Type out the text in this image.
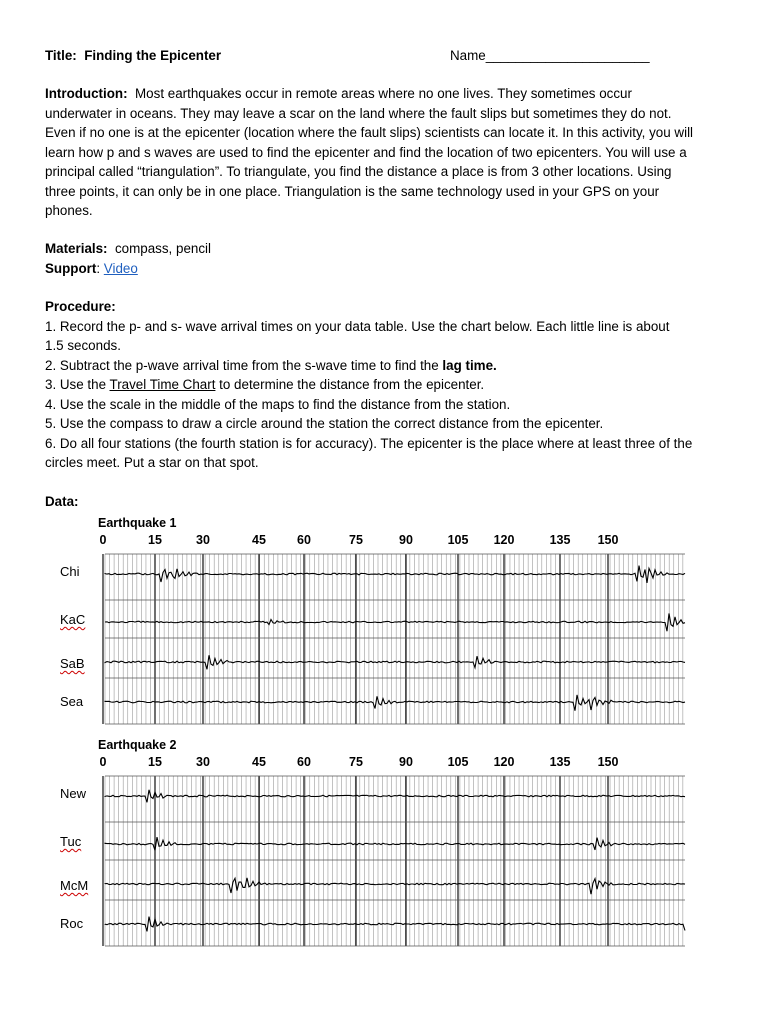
Title: Finding the Epicenter	Name______________________
Introduction: Most earthquakes occur in remote areas where no one lives. They sometimes occur
underwater in oceans. They may leave a scar on the land where the fault slips but sometimes they do not.
Even if no one is at the epicenter (location where the fault slips) scientists can locate it. In this activity, you will
learn how p and s waves are used to find the epicenter and find the location of two epicenters. You will use a
principal called “triangulation”. To triangulate, you find the distance a place is from 3 other locations. Using
three points, it can only be in one place. Triangulation is the same technology used in your GPS on your
phones.
Materials: compass, pencil
Support: Video
Procedure:
1. Record the p- and s- wave arrival times on your data table. Use the chart below. Each little line is about
1.5 seconds.
2. Subtract the p-wave arrival time from the s-wave time to find the lag time.
3. Use the Travel Time Chart to determine the distance from the epicenter.
4. Use the scale in the middle of the maps to find the distance from the station.
5. Use the compass to draw a circle around the station the correct distance from the epicenter.
6. Do all four stations (the fourth station is for accuracy). The epicenter is the place where at least three of the
circles meet. Put a star on that spot.
Data:
Earthquake 1
0	15	30	45 60	75	90	105 120	135 150
Chi
KaC
SaB
Sea
Earthquake 2
0	15	30	45 60	75	90	105 120	135 150
New
Tuc
McM
Roc
